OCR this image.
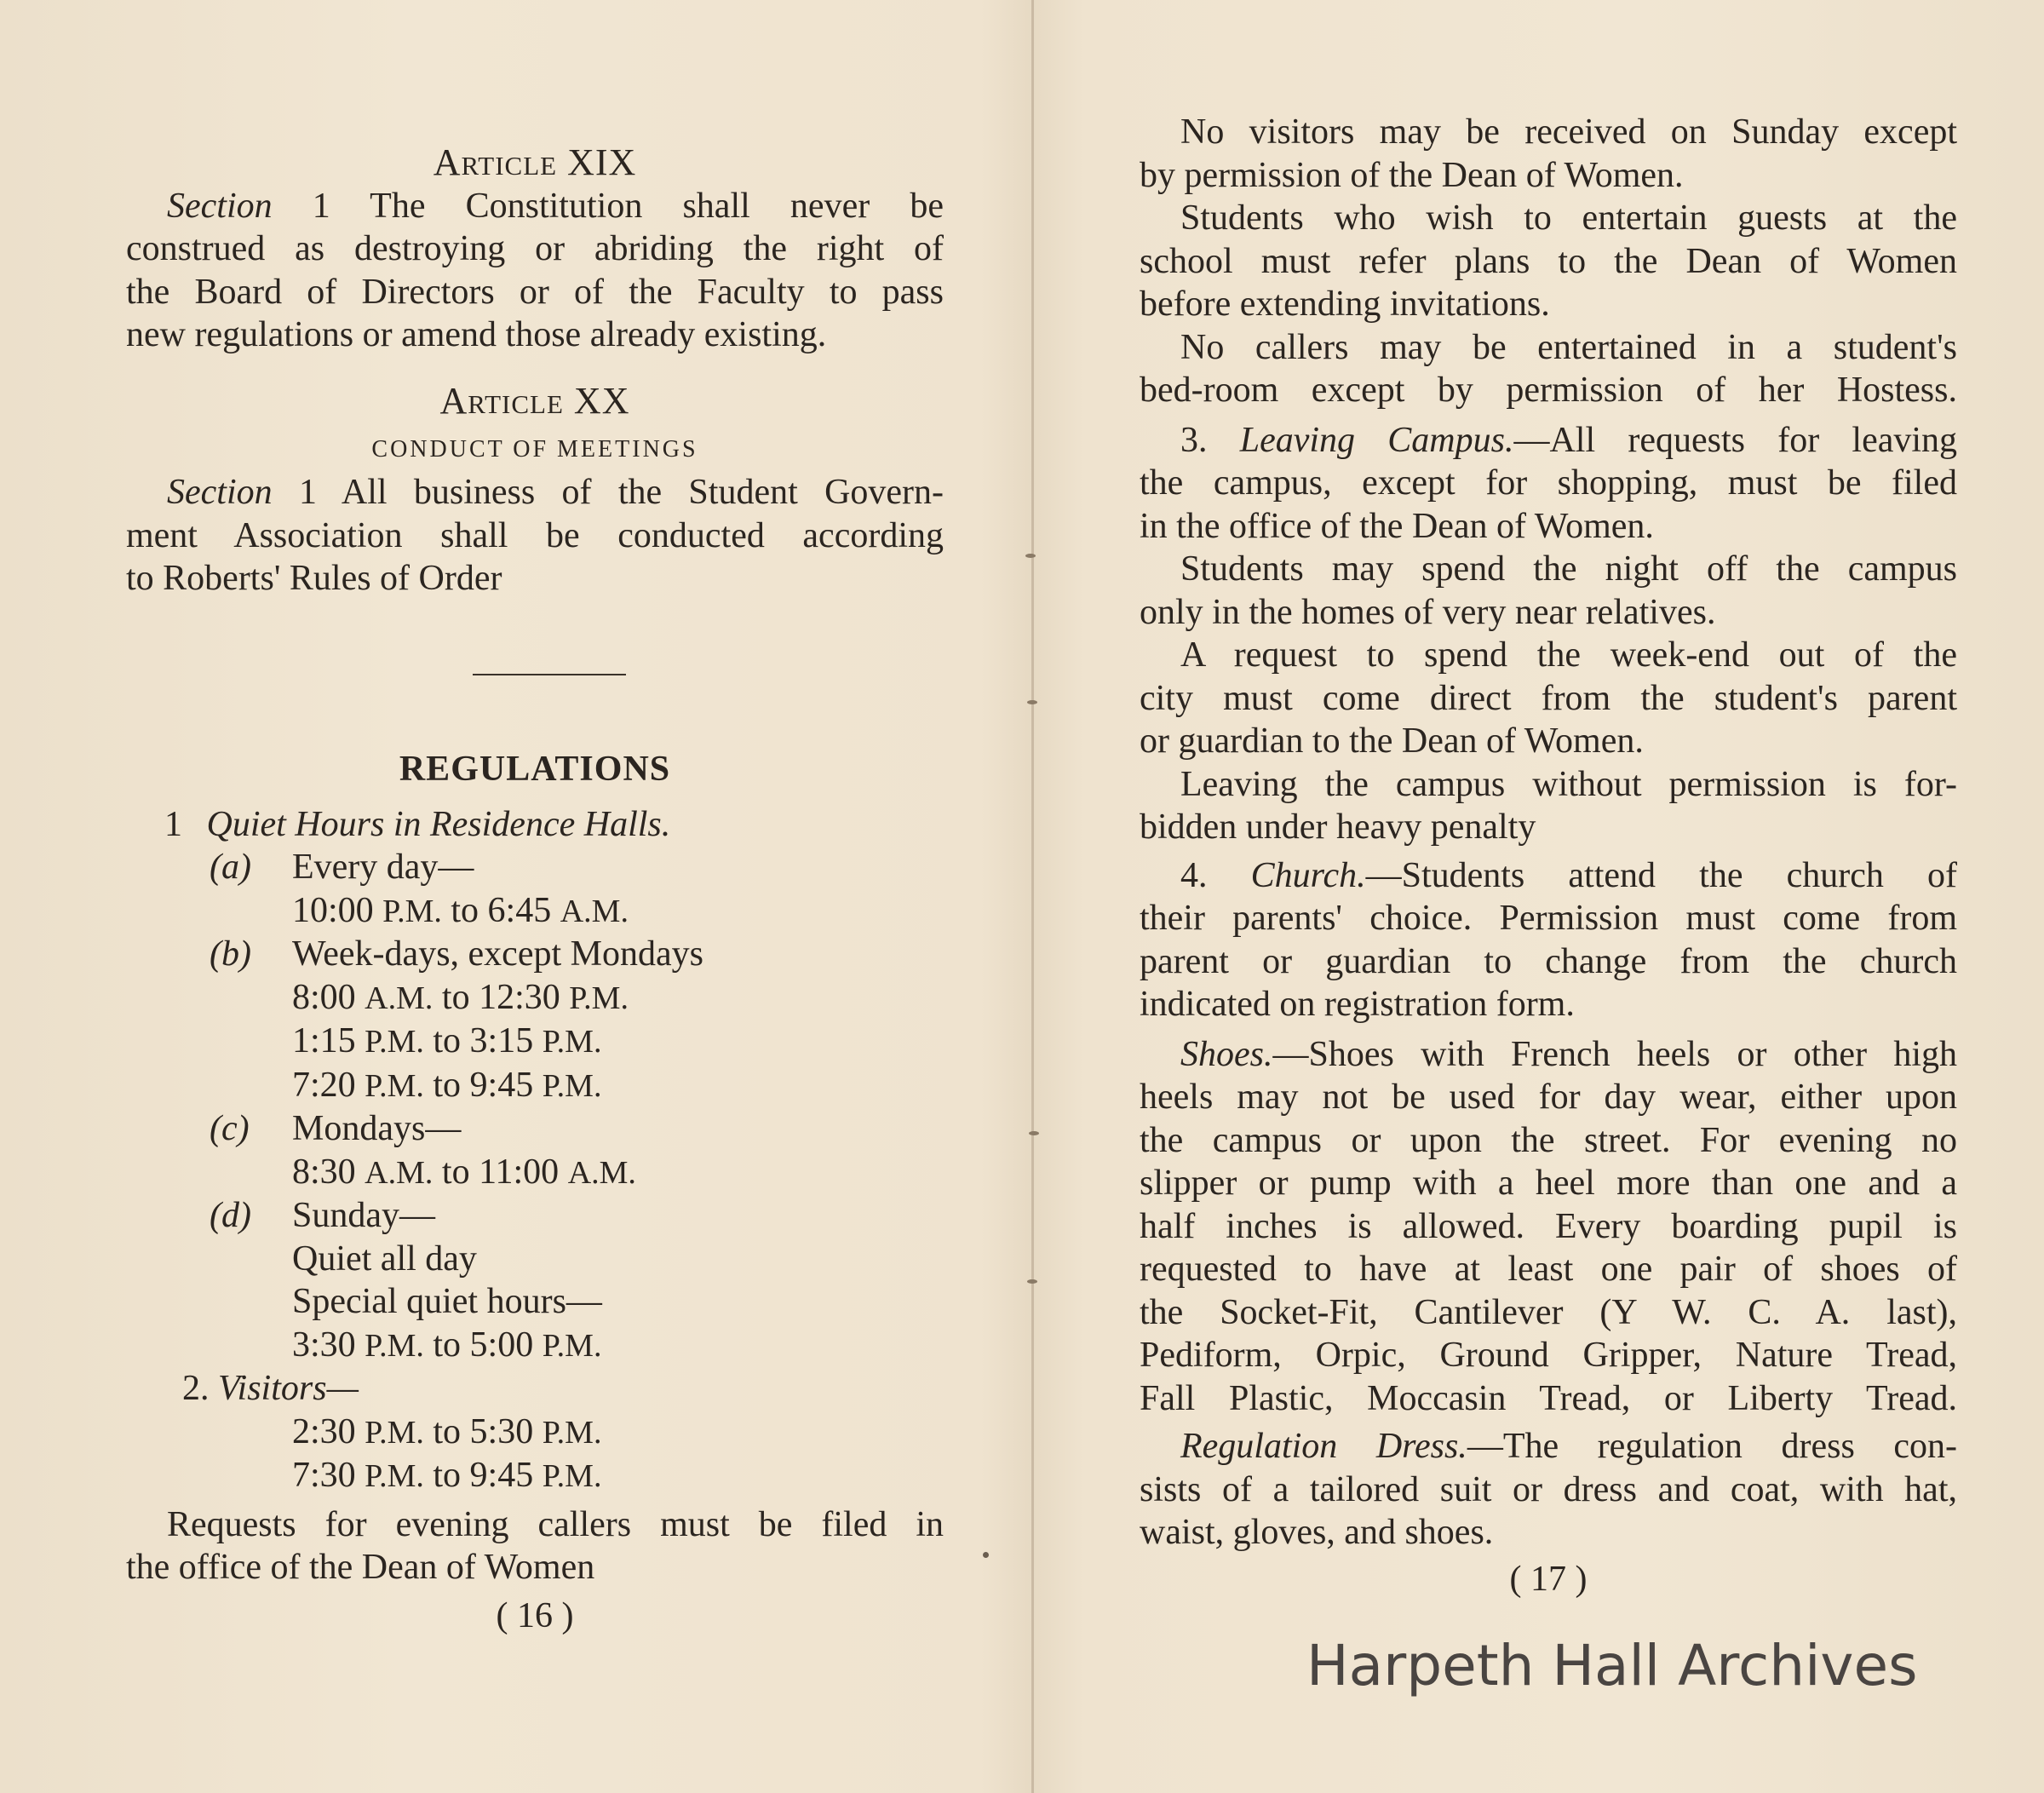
Article XIX
Section 1 The Constitution shall never be
construed as destroying or abriding the right of
the Board of Directors or of the Faculty to pass
new regulations or amend those already existing.
Article XX
CONDUCT OF MEETINGS
Section 1 All business of the Student Govern-
ment Association shall be conducted according
to Roberts' Rules of Order
REGULATIONS
1 Quiet Hours in Residence Halls.
(a) Every day—
10:00 P.M. to 6:45 A.M.
(b) Week-days, except Mondays
8:00 A.M. to 12:30 P.M.
1:15 P.M. to 3:15 P.M.
7:20 P.M. to 9:45 P.M.
(c) Mondays—
8:30 A.M. to 11:00 A.M.
(d) Sunday—
Quiet all day
Special quiet hours—
3:30 P.M. to 5:00 P.M.
2. Visitors—
2:30 P.M. to 5:30 P.M.
7:30 P.M. to 9:45 P.M.
Requests for evening callers must be filed in
the office of the Dean of Women
( 16 )
No visitors may be received on Sunday except
by permission of the Dean of Women.
Students who wish to entertain guests at the
school must refer plans to the Dean of Women
before extending invitations.
No callers may be entertained in a student's
bed-room except by permission of her Hostess.
3. Leaving Campus.—All requests for leaving
the campus, except for shopping, must be filed
in the office of the Dean of Women.
Students may spend the night off the campus
only in the homes of very near relatives.
A request to spend the week-end out of the
city must come direct from the student's parent
or guardian to the Dean of Women.
Leaving the campus without permission is for-
bidden under heavy penalty
4. Church.—Students attend the church of
their parents' choice. Permission must come from
parent or guardian to change from the church
indicated on registration form.
Shoes.—Shoes with French heels or other high
heels may not be used for day wear, either upon
the campus or upon the street. For evening no
slipper or pump with a heel more than one and a
half inches is allowed. Every boarding pupil is
requested to have at least one pair of shoes of
the Socket-Fit, Cantilever (Y W. C. A. last),
Pediform, Orpic, Ground Gripper, Nature Tread,
Fall Plastic, Moccasin Tread, or Liberty Tread.
Regulation Dress.—The regulation dress con-
sists of a tailored suit or dress and coat, with hat,
waist, gloves, and shoes.
( 17 )
Harpeth Hall Archives
